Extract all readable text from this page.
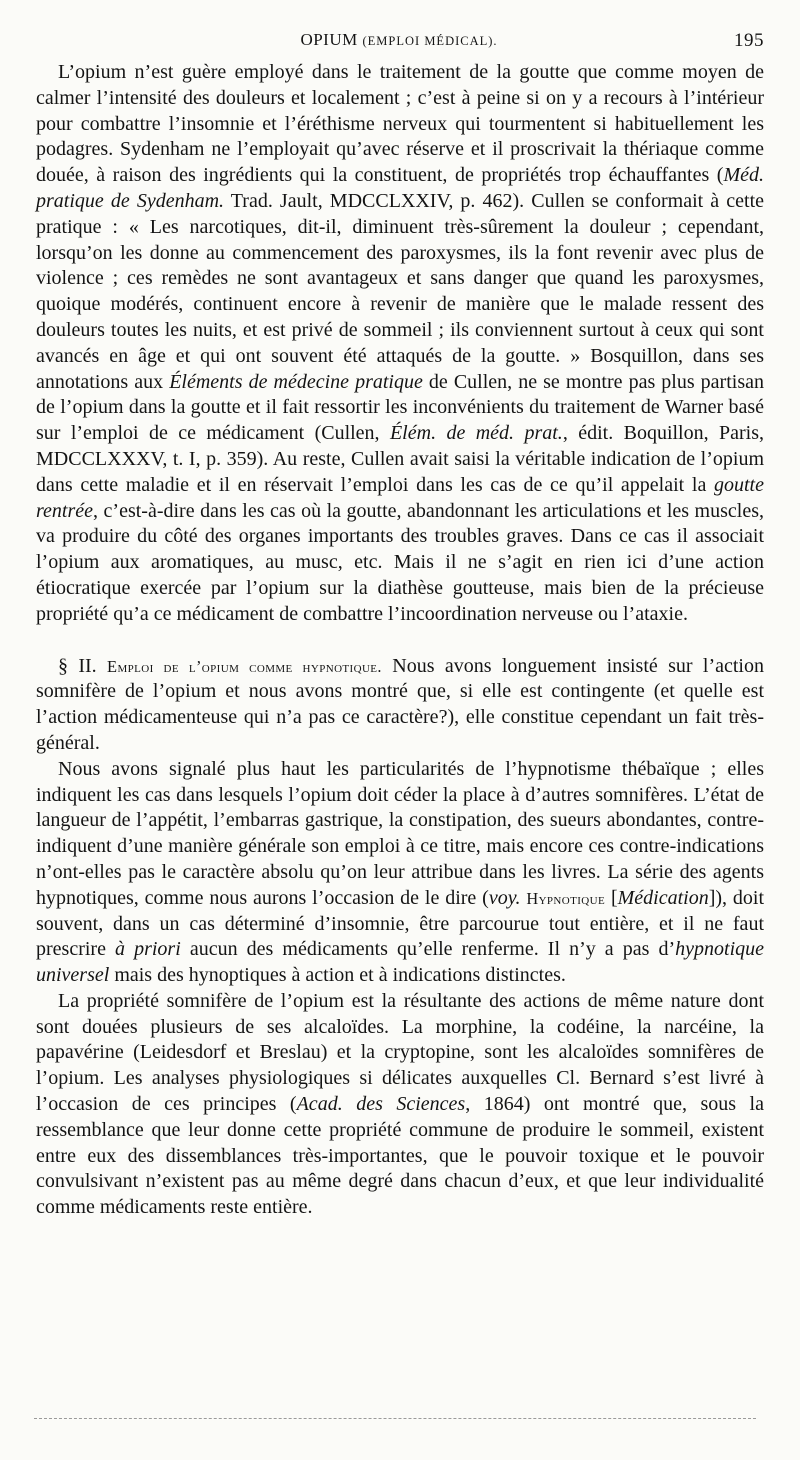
OPIUM (EMPLOI MÉDICAL).	195

L’opium n’est guère employé dans le traitement de la goutte que comme moyen de calmer l’intensité des douleurs et localement ; c’est à peine si on y a recours à l’intérieur pour combattre l’insomnie et l’éréthisme nerveux qui tourmentent si habituellement les podagres. Sydenham ne l’employait qu’avec réserve et il proscrivait la thériaque comme douée, à raison des ingrédients qui la constituent, de propriétés trop échauffantes (Méd. pratique de Sydenham. Trad. Jault, MDCCLXXIV, p. 462). Cullen se conformait à cette pratique : « Les narcotiques, dit-il, diminuent très-sûrement la douleur ; cependant, lorsqu’on les donne au commencement des paroxysmes, ils la font revenir avec plus de violence ; ces remèdes ne sont avantageux et sans danger que quand les paroxysmes, quoique modérés, continuent encore à revenir de manière que le malade ressent des douleurs toutes les nuits, et est privé de sommeil ; ils conviennent surtout à ceux qui sont avancés en âge et qui ont souvent été attaqués de la goutte. » Bosquillon, dans ses annotations aux Éléments de médecine pratique de Cullen, ne se montre pas plus partisan de l’opium dans la goutte et il fait ressortir les inconvénients du traitement de Warner basé sur l’emploi de ce médicament (Cullen, Élém. de méd. prat., édit. Boquillon, Paris, MDCCLXXXV, t. I, p. 359). Au reste, Cullen avait saisi la véritable indication de l’opium dans cette maladie et il en réservait l’emploi dans les cas de ce qu’il appelait la goutte rentrée, c’est-à-dire dans les cas où la goutte, abandonnant les articulations et les muscles, va produire du côté des organes importants des troubles graves. Dans ce cas il associait l’opium aux aromatiques, au musc, etc. Mais il ne s’agit en rien ici d’une action étiocratique exercée par l’opium sur la diathèse goutteuse, mais bien de la précieuse propriété qu’a ce médicament de combattre l’incoordination nerveuse ou l’ataxie.

§ II. Emploi de l’opium comme hypnotique. Nous avons longuement insisté sur l’action somnifère de l’opium et nous avons montré que, si elle est contingente (et quelle est l’action médicamenteuse qui n’a pas ce caractère?), elle constitue cependant un fait très-général.

Nous avons signalé plus haut les particularités de l’hypnotisme thébaïque ; elles indiquent les cas dans lesquels l’opium doit céder la place à d’autres somnifères. L’état de langueur de l’appétit, l’embarras gastrique, la constipation, des sueurs abondantes, contre-indiquent d’une manière générale son emploi à ce titre, mais encore ces contre-indications n’ont-elles pas le caractère absolu qu’on leur attribue dans les livres. La série des agents hypnotiques, comme nous aurons l’occasion de le dire (voy. Hypnotique [Médication]), doit souvent, dans un cas déterminé d’insomnie, être parcourue tout entière, et il ne faut prescrire à priori aucun des médicaments qu’elle renferme. Il n’y a pas d’hypnotique universel mais des hynoptiques à action et à indications distinctes.

La propriété somnifère de l’opium est la résultante des actions de même nature dont sont douées plusieurs de ses alcaloïdes. La morphine, la codéine, la narcéine, la papavérine (Leidesdorf et Breslau) et la cryptopine, sont les alcaloïdes somnifères de l’opium. Les analyses physiologiques si délicates auxquelles Cl. Bernard s’est livré à l’occasion de ces principes (Acad. des Sciences, 1864) ont montré que, sous la ressemblance que leur donne cette propriété commune de produire le sommeil, existent entre eux des dissemblances très-importantes, que le pouvoir toxique et le pouvoir convulsivant n’existent pas au même degré dans chacun d’eux, et que leur individualité comme médicaments reste entière.
